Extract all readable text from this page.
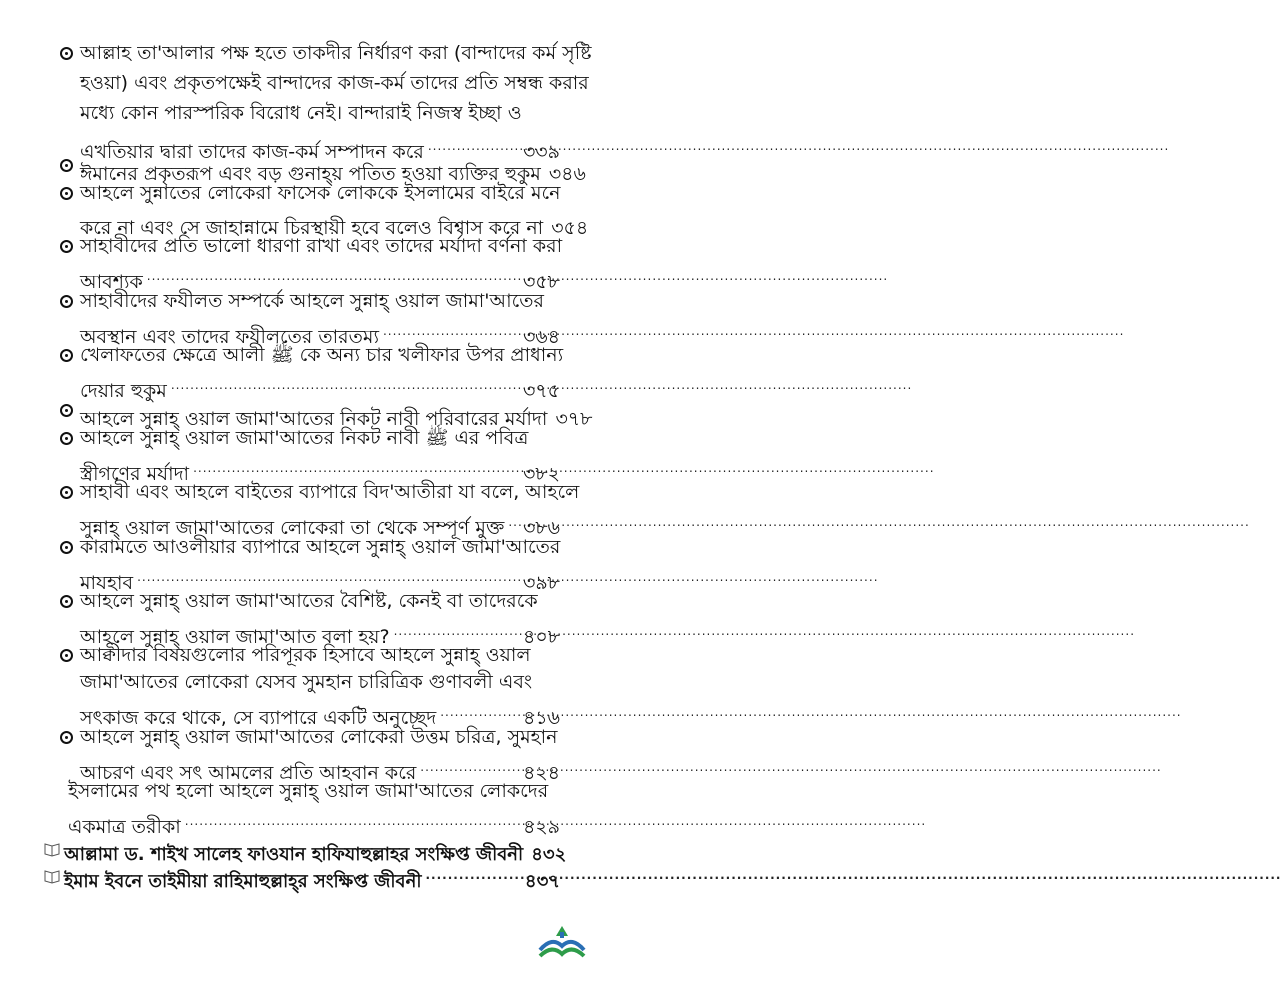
আল্লাহ তা'আলার পক্ষ হতে তাকদীর নির্ধারণ করা (বান্দাদের কর্ম সৃষ্টি
হওয়া) এবং প্রকৃতপক্ষেই বান্দাদের কাজ-কর্ম তাদের প্রতি সম্বন্ধ করার
মধ্যে কোন পারস্পরিক বিরোধ নেই। বান্দারাই নিজস্ব ইচ্ছা ও
এখতিয়ার দ্বারা তাদের কাজ-কর্ম সম্পাদন করে .....	৩৩৯
ঈমানের প্রকৃতরূপ এবং বড় গুনাহ্‌য় পতিত হওয়া ব্যক্তির হুকুম ৩৪৬
আহলে সুন্নাতের লোকেরা ফাসেক লোককে ইসলামের বাইরে মনে
করে না এবং সে জাহান্নামে চিরস্থায়ী হবে বলেও বিশ্বাস করে না ৩৫৪
সাহাবীদের প্রতি ভালো ধারণা রাখা এবং তাদের মর্যাদা বর্ণনা করা
আবশ্যক .....	৩৫৮
সাহাবীদের ফযীলত সম্পর্কে আহলে সুন্নাহ্‌ ওয়াল জামা'আতের
অবস্থান এবং তাদের ফযীলতের তারতম্য .....	৩৬৪
খেলাফতের ক্ষেত্রে আলী ﷺ কে অন্য চার খলীফার উপর প্রাধান্য
দেয়ার হুকুম .....	৩৭৫
আহলে সুন্নাহ্‌ ওয়াল জামা'আতের নিকট নাবী পরিবারের মর্যাদা ৩৭৮
আহলে সুন্নাহ্‌ ওয়াল জামা'আতের নিকট নাবী ﷺ এর পবিত্র
স্ত্রীগণের মর্যাদা .....	৩৮২
সাহাবী এবং আহলে বাইতের ব্যাপারে বিদ'আতীরা যা বলে, আহলে
সুন্নাহ্‌ ওয়াল জামা'আতের লোকেরা তা থেকে সম্পূর্ণ মুক্ত ..... ৩৮৬
কারামতে আওলীয়ার ব্যাপারে আহলে সুন্নাহ্‌ ওয়াল জামা'আতের
মাযহাব .....	৩৯৮
আহলে সুন্নাহ্‌ ওয়াল জামা'আতের বৈশিষ্ট, কেনই বা তাদেরকে
আহলে সুন্নাহ্‌ ওয়াল জামা'আত বলা হয়? .....	৪০৮
আক্বীদার বিষয়গুলোর পরিপূরক হিসাবে আহলে সুন্নাহ্‌ ওয়াল
জামা'আতের লোকেরা যেসব সুমহান চারিত্রিক গুণাবলী এবং
সৎকাজ করে থাকে, সে ব্যাপারে একটি অনুচ্ছেদ .....	৪১৬
আহলে সুন্নাহ্‌ ওয়াল জামা'আতের লোকেরা উত্তম চরিত্র, সুমহান
আচরণ এবং সৎ আমলের প্রতি আহবান করে .....	৪২৪
ইসলামের পথ হলো আহলে সুন্নাহ্‌ ওয়াল জামা'আতের লোকদের
একমাত্র তরীকা .....	৪২৯
আল্লামা ড. শাইখ সালেহ ফাওযান হাফিযাহুল্লাহর সংক্ষিপ্ত জীবনী ৪৩২
ইমাম ইবনে তাইমীয়া রাহিমাহুল্লাহ্‌র সংক্ষিপ্ত জীবনী .....	৪৩৭
